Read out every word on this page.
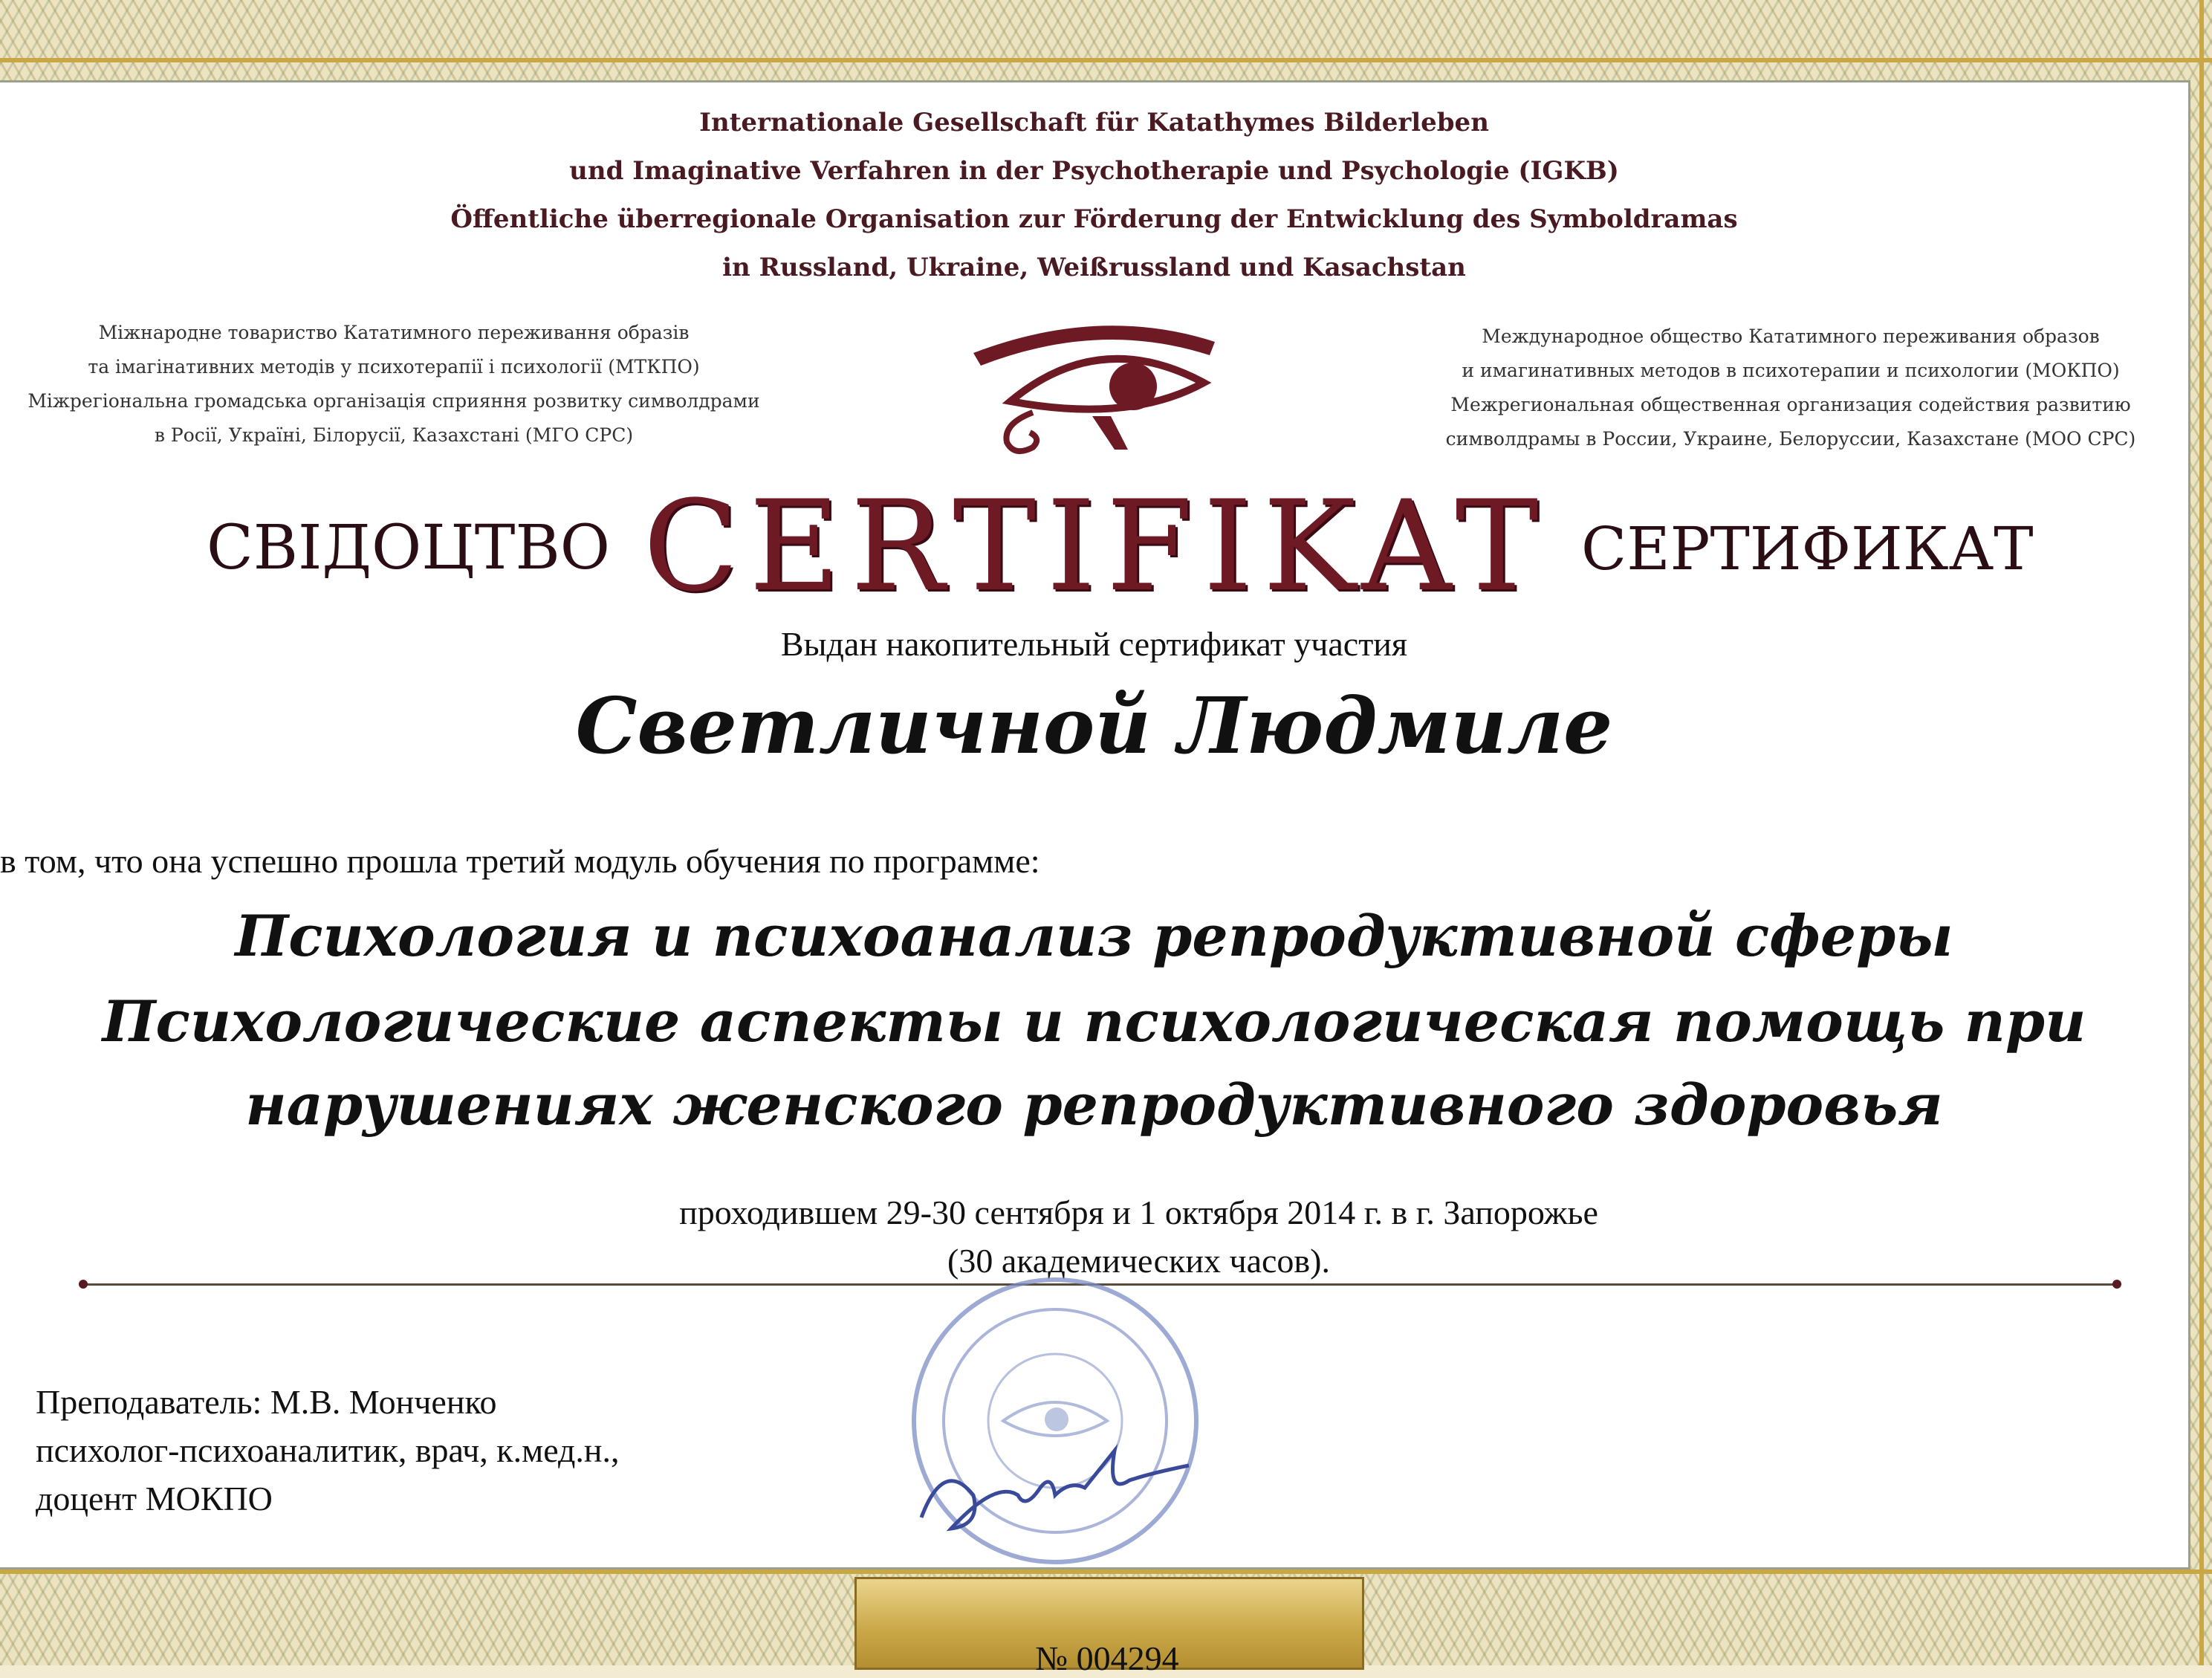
Internationale Gesellschaft für Katathymes Bilderleben
und Imaginative Verfahren in der Psychotherapie und Psychologie (IGKB)
Öffentliche überregionale Organisation zur Förderung der Entwicklung des Symboldramas
in Russland, Ukraine, Weißrussland und Kasachstan
Міжнародне товариство Кататимного переживання образів
та імагінативних методів у психотерапії і психології (МТКПО)
Міжрегіональна громадська організація сприяння розвитку символдрами
в Росії, Україні, Білорусії, Казахстані (МГО СРС)
Международное общество Кататимного переживания образов
и имагинативных методов в психотерапии и психологии (МОКПО)
Межрегиональная общественная организация содействия развитию
символдрамы в России, Украине, Белоруссии, Казахстане (МОО СРС)
СВІДОЦТВО CERTIFIKAT СЕРТИФИКАТ
Выдан накопительный сертификат участия
Светличной Людмиле
в том, что она успешно прошла третий модуль обучения по программе:
Психология и психоанализ репродуктивной сферы
Психологические аспекты и психологическая помощь при
нарушениях женского репродуктивного здоровья
проходившем 29-30 сентября и 1 октября 2014 г. в г. Запорожье
(30 академических часов).
Преподаватель: М.В. Монченко
психолог-психоаналитик, врач, к.мед.н.,
доцент МОКПО
№ 004294
